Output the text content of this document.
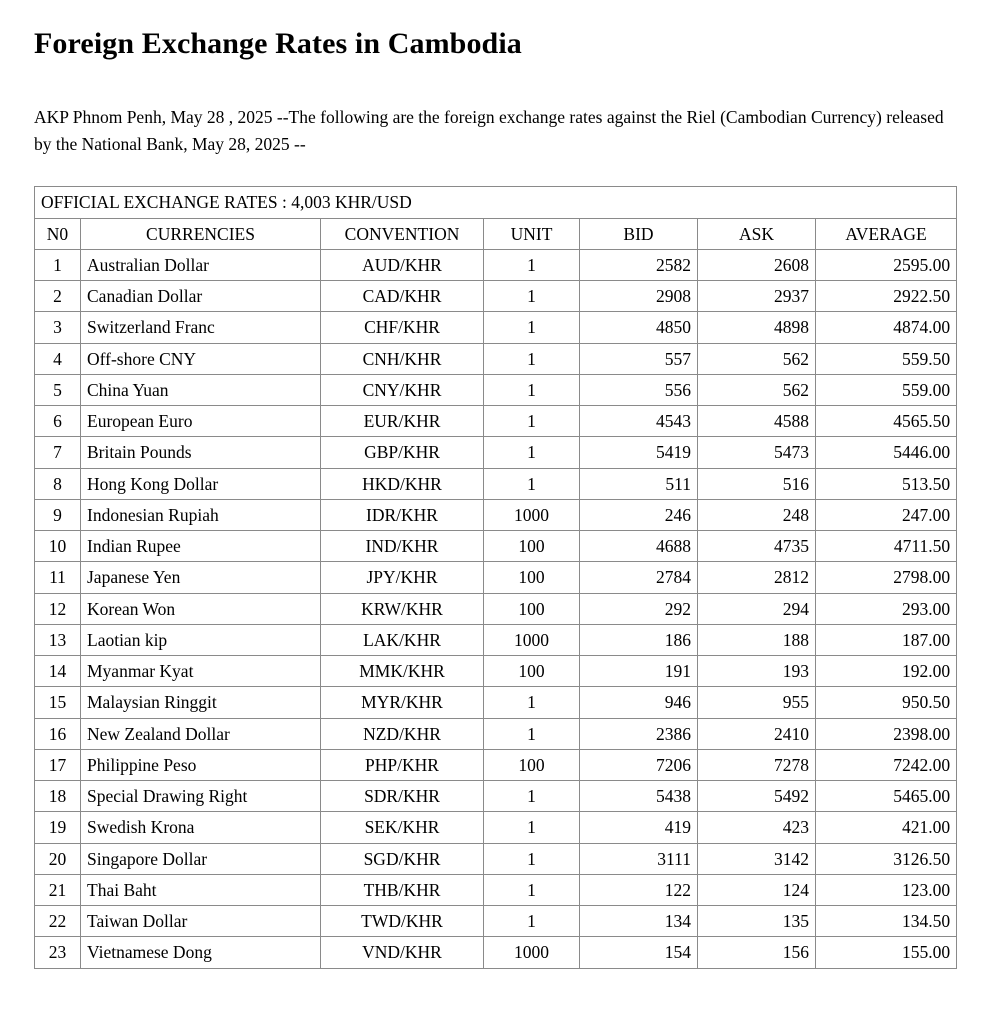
Foreign Exchange Rates in Cambodia

AKP Phnom Penh, May 28 , 2025 --The following are the foreign exchange rates against the Riel (Cambodian Currency) released by the National Bank, May 28, 2025 --

OFFICIAL EXCHANGE RATES : 4,003 KHR/USD						
N0	CURRENCIES	CONVENTION	UNIT	BID	ASK	AVERAGE
1	Australian Dollar	AUD/KHR	1	2582	2608	2595.00
2	Canadian Dollar	CAD/KHR	1	2908	2937	2922.50
3	Switzerland Franc	CHF/KHR	1	4850	4898	4874.00
4	Off-shore CNY	CNH/KHR	1	557	562	559.50
5	China Yuan	CNY/KHR	1	556	562	559.00
6	European Euro	EUR/KHR	1	4543	4588	4565.50
7	Britain Pounds	GBP/KHR	1	5419	5473	5446.00
8	Hong Kong Dollar	HKD/KHR	1	511	516	513.50
9	Indonesian Rupiah	IDR/KHR	1000	246	248	247.00
10	Indian Rupee	IND/KHR	100	4688	4735	4711.50
11	Japanese Yen	JPY/KHR	100	2784	2812	2798.00
12	Korean Won	KRW/KHR	100	292	294	293.00
13	Laotian kip	LAK/KHR	1000	186	188	187.00
14	Myanmar Kyat	MMK/KHR	100	191	193	192.00
15	Malaysian Ringgit	MYR/KHR	1	946	955	950.50
16	New Zealand Dollar	NZD/KHR	1	2386	2410	2398.00
17	Philippine Peso	PHP/KHR	100	7206	7278	7242.00
18	Special Drawing Right	SDR/KHR	1	5438	5492	5465.00
19	Swedish Krona	SEK/KHR	1	419	423	421.00
20	Singapore Dollar	SGD/KHR	1	3111	3142	3126.50
21	Thai Baht	THB/KHR	1	122	124	123.00
22	Taiwan Dollar	TWD/KHR	1	134	135	134.50
23	Vietnamese Dong	VND/KHR	1000	154	156	155.00
